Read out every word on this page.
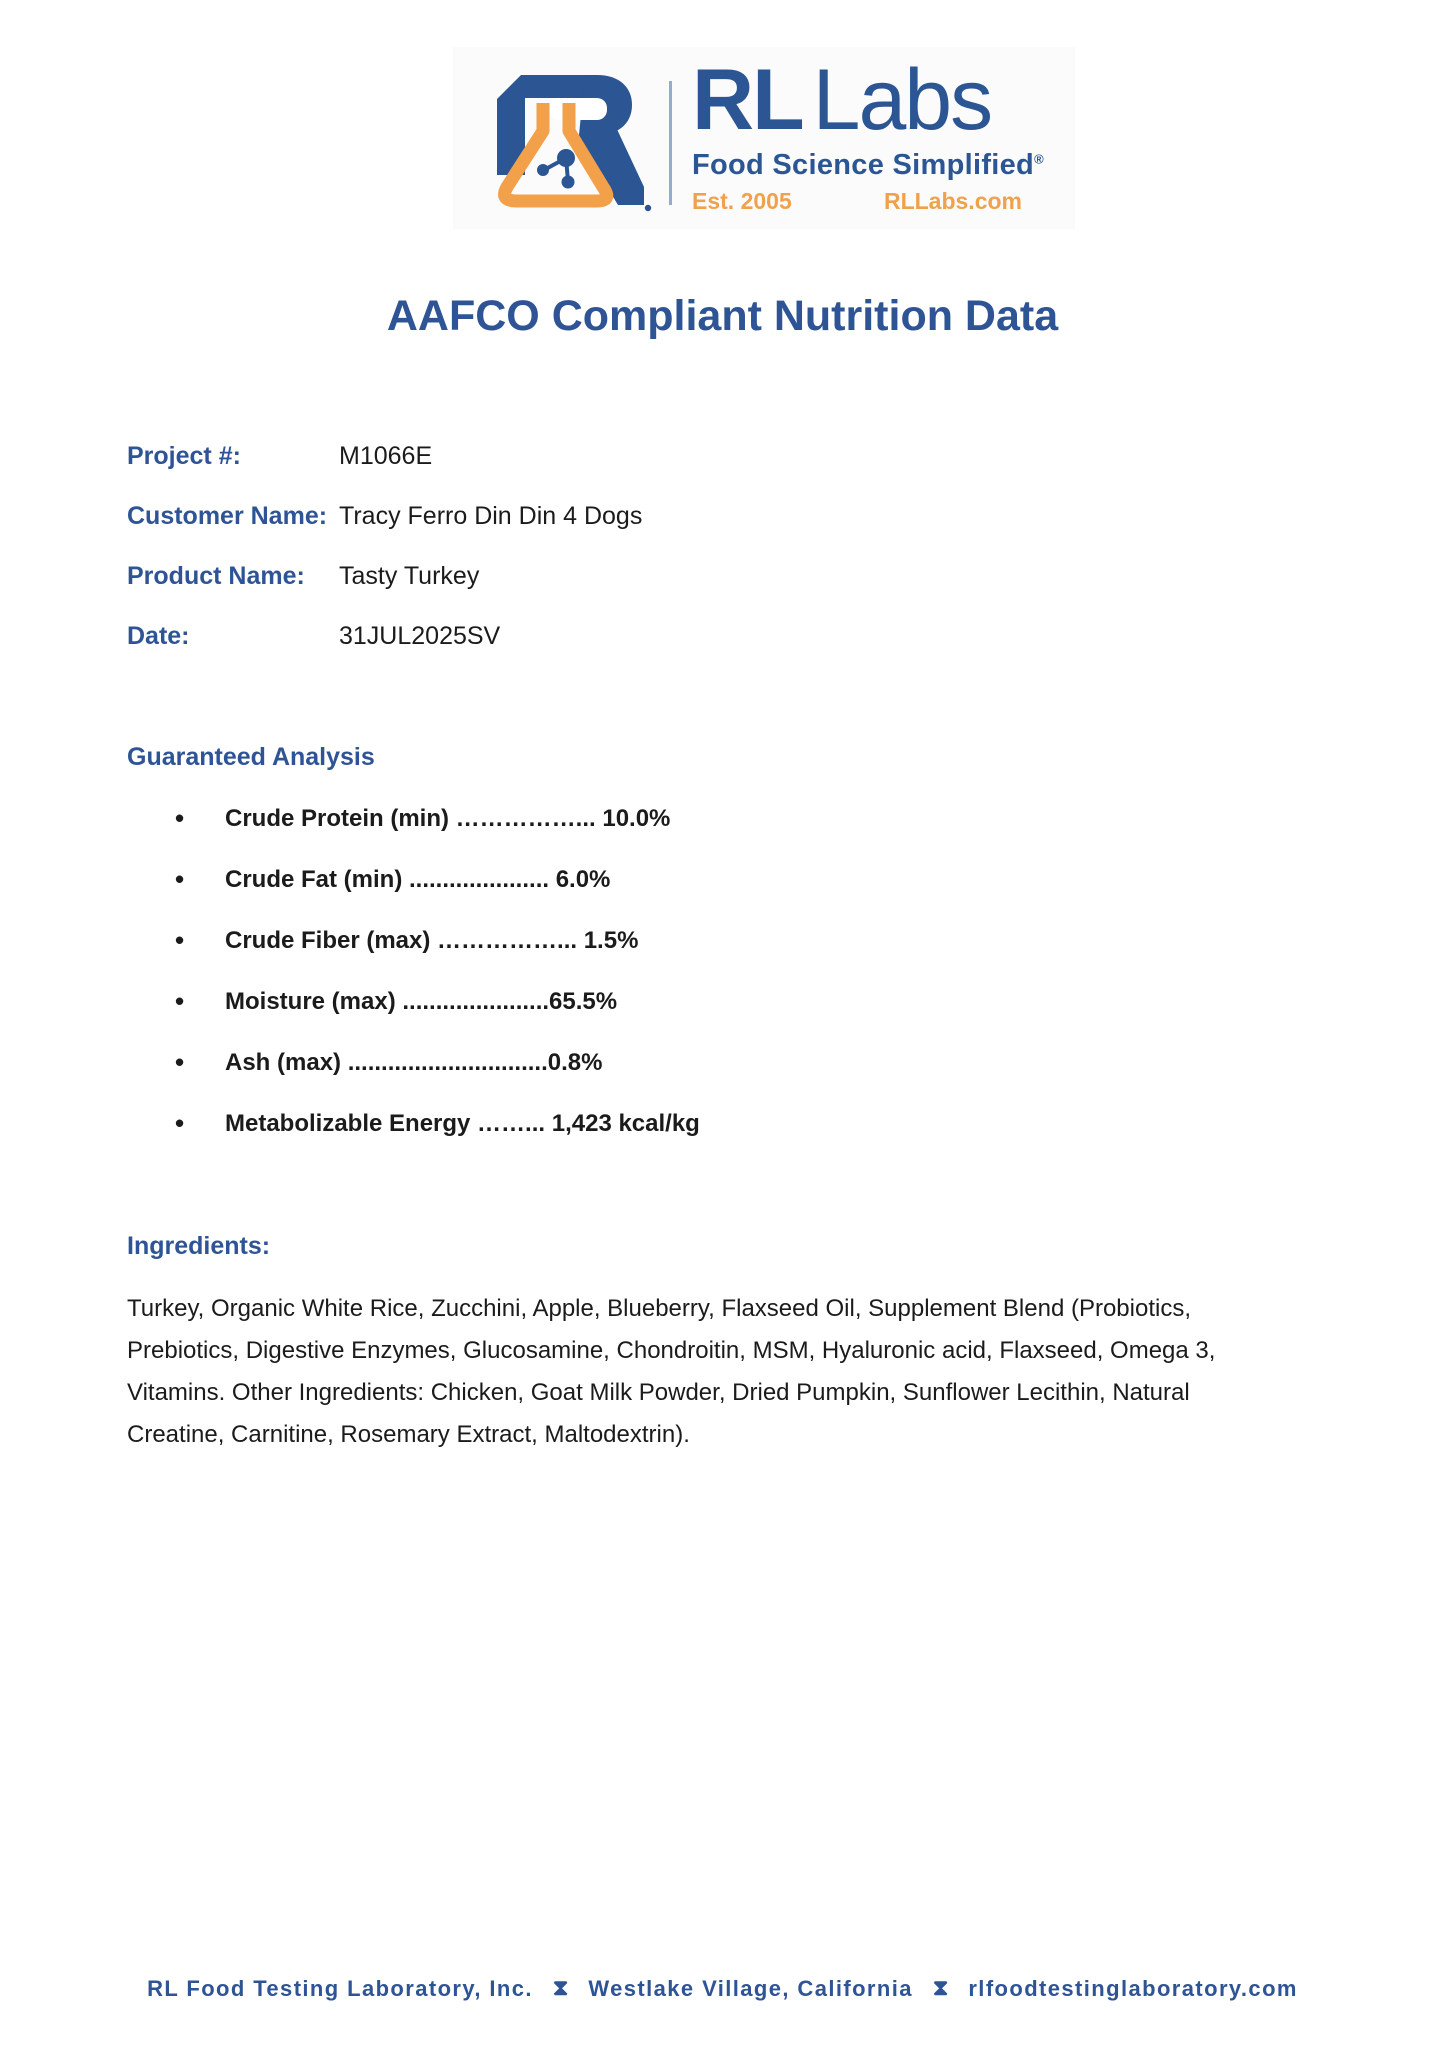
RL Labs
Food Science Simplified®
Est. 2005	RLLabs.com
AAFCO Compliant Nutrition Data
Project #:	M1066E
Customer Name: Tracy Ferro Din Din 4 Dogs
Product Name:	Tasty Turkey
Date:	31JUL2025SV
Guaranteed Analysis
• Crude Protein (min) ……………... 10.0%
• Crude Fat (min) ..................... 6.0%
• Crude Fiber (max) ……………... 1.5%
• Moisture (max) ......................65.5%
• Ash (max) ..............................0.8%
• Metabolizable Energy ……... 1,423 kcal/kg
Ingredients:
Turkey, Organic White Rice, Zucchini, Apple, Blueberry, Flaxseed Oil, Supplement Blend (Probiotics,
Prebiotics, Digestive Enzymes, Glucosamine, Chondroitin, MSM, Hyaluronic acid, Flaxseed, Omega 3,
Vitamins. Other Ingredients: Chicken, Goat Milk Powder, Dried Pumpkin, Sunflower Lecithin, Natural
Creatine, Carnitine, Rosemary Extract, Maltodextrin).
RL Food Testing Laboratory, Inc. ⧗ Westlake Village, California ⧗ rlfoodtestinglaboratory.com
